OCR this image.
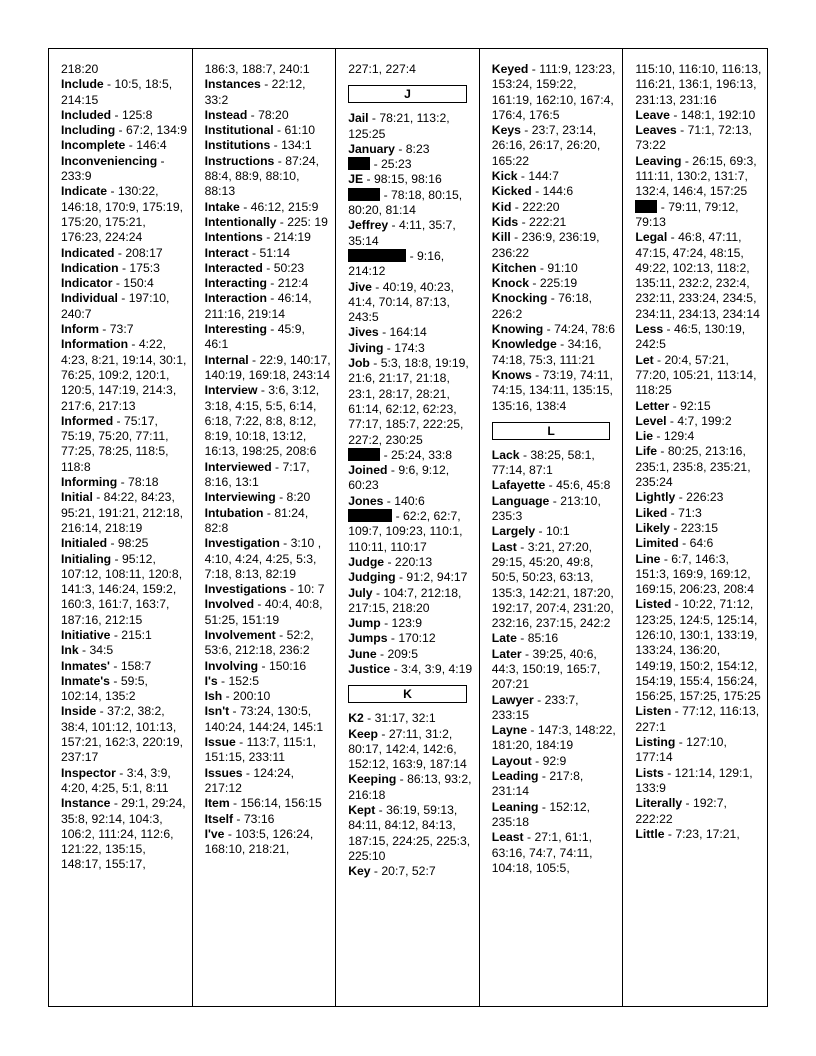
218:20
Include - 10:5, 18:5, 214:15
Included - 125:8
Including - 67:2, 134:9
Incomplete - 146:4
Inconveniencing - 233:9
Indicate - 130:22, 146:18, 170:9, 175:19, 175:20, 175:21, 176:23, 224:24
Indicated - 208:17
Indication - 175:3
Indicator - 150:4
Individual - 197:10, 240:7
Inform - 73:7
Information - 4:22, 4:23, 8:21, 19:14, 30:1, 76:25, 109:2, 120:1, 120:5, 147:19, 214:3, 217:6, 217:13
Informed - 75:17, 75:19, 75:20, 77:11, 77:25, 78:25, 118:5, 118:8
Informing - 78:18
Initial - 84:22, 84:23, 95:21, 191:21, 212:18, 216:14, 218:19
Initialed - 98:25
Initialing - 95:12, 107:12, 108:11, 120:8, 141:3, 146:24, 159:2, 160:3, 161:7, 163:7, 187:16, 212:15
Initiative - 215:1
Ink - 34:5
Inmates' - 158:7
Inmate's - 59:5, 102:14, 135:2
Inside - 37:2, 38:2, 38:4, 101:12, 101:13, 157:21, 162:3, 220:19, 237:17
Inspector - 3:4, 3:9, 4:20, 4:25, 5:1, 8:11
Instance - 29:1, 29:24, 35:8, 92:14, 104:3, 106:2, 111:24, 112:6, 121:22, 135:15, 148:17, 155:17,
186:3, 188:7, 240:1
Instances - 22:12, 33:2
Instead - 78:20
Institutional - 61:10
Institutions - 134:1
Instructions - 87:24, 88:4, 88:9, 88:10, 88:13
Intake - 46:12, 215:9
Intentionally - 225: 19
Intentions - 214:19
Interact - 51:14
Interacted - 50:23
Interacting - 212:4
Interaction - 46:14, 211:16, 219:14
Interesting - 45:9, 46:1
Internal - 22:9, 140:17, 140:19, 169:18, 243:14
Interview - 3:6, 3:12, 3:18, 4:15, 5:5, 6:14, 6:18, 7:22, 8:8, 8:12, 8:19, 10:18, 13:12, 16:13, 198:25, 208:6
Interviewed - 7:17, 8:16, 13:1
Interviewing - 8:20
Intubation - 81:24, 82:8
Investigation - 3:10 , 4:10, 4:24, 4:25, 5:3, 7:18, 8:13, 82:19
Investigations - 10: 7
Involved - 40:4, 40:8, 51:25, 151:19
Involvement - 52:2, 53:6, 212:18, 236:2
Involving - 150:16
I's - 152:5
Ish - 200:10
Isn't - 73:24, 130:5, 140:24, 144:24, 145:1
Issue - 113:7, 115:1, 151:15, 233:11
Issues - 124:24, 217:12
Item - 156:14, 156:15
Itself - 73:16
I've - 103:5, 126:24, 168:10, 218:21,
227:1, 227:4
J
Jail - 78:21, 113:2, 125:25
January - 8:23
- 25:23
JE - 98:15, 98:16
- 78:18, 80:15, 80:20, 81:14
Jeffrey - 4:11, 35:7, 35:14
- 9:16, 214:12
Jive - 40:19, 40:23, 41:4, 70:14, 87:13, 243:5
Jives - 164:14
Jiving - 174:3
Job - 5:3, 18:8, 19:19, 21:6, 21:17, 21:18, 23:1, 28:17, 28:21, 61:14, 62:12, 62:23, 77:17, 185:7, 222:25, 227:2, 230:25
- 25:24, 33:8
Joined - 9:6, 9:12, 60:23
Jones - 140:6
- 62:2, 62:7, 109:7, 109:23, 110:1, 110:11, 110:17
Judge - 220:13
Judging - 91:2, 94:17
July - 104:7, 212:18, 217:15, 218:20
Jump - 123:9
Jumps - 170:12
June - 209:5
Justice - 3:4, 3:9, 4:19
K
K2 - 31:17, 32:1
Keep - 27:11, 31:2, 80:17, 142:4, 142:6, 152:12, 163:9, 187:14
Keeping - 86:13, 93:2, 216:18
Kept - 36:19, 59:13, 84:11, 84:12, 84:13, 187:15, 224:25, 225:3, 225:10
Key - 20:7, 52:7
Keyed - 111:9, 123:23, 153:24, 159:22, 161:19, 162:10, 167:4, 176:4, 176:5
Keys - 23:7, 23:14, 26:16, 26:17, 26:20, 165:22
Kick - 144:7
Kicked - 144:6
Kid - 222:20
Kids - 222:21
Kill - 236:9, 236:19, 236:22
Kitchen - 91:10
Knock - 225:19
Knocking - 76:18, 226:2
Knowing - 74:24, 78:6
Knowledge - 34:16, 74:18, 75:3, 111:21
Knows - 73:19, 74:11, 74:15, 134:11, 135:15, 135:16, 138:4
L
Lack - 38:25, 58:1, 77:14, 87:1
Lafayette - 45:6, 45:8
Language - 213:10, 235:3
Largely - 10:1
Last - 3:21, 27:20, 29:15, 45:20, 49:8, 50:5, 50:23, 63:13, 135:3, 142:21, 187:20, 192:17, 207:4, 231:20, 232:16, 237:15, 242:2
Late - 85:16
Later - 39:25, 40:6, 44:3, 150:19, 165:7, 207:21
Lawyer - 233:7, 233:15
Layne - 147:3, 148:22, 181:20, 184:19
Layout - 92:9
Leading - 217:8, 231:14
Leaning - 152:12, 235:18
Least - 27:1, 61:1, 63:16, 74:7, 74:11, 104:18, 105:5,
115:10, 116:10, 116:13, 116:21, 136:1, 196:13, 231:13, 231:16
Leave - 148:1, 192:10
Leaves - 71:1, 72:13, 73:22
Leaving - 26:15, 69:3, 111:11, 130:2, 131:7, 132:4, 146:4, 157:25
- 79:11, 79:12, 79:13
Legal - 46:8, 47:11, 47:15, 47:24, 48:15, 49:22, 102:13, 118:2, 135:11, 232:2, 232:4, 232:11, 233:24, 234:5, 234:11, 234:13, 234:14
Less - 46:5, 130:19, 242:5
Let - 20:4, 57:21, 77:20, 105:21, 113:14, 118:25
Letter - 92:15
Level - 4:7, 199:2
Lie - 129:4
Life - 80:25, 213:16, 235:1, 235:8, 235:21, 235:24
Lightly - 226:23
Liked - 71:3
Likely - 223:15
Limited - 64:6
Line - 6:7, 146:3, 151:3, 169:9, 169:12, 169:15, 206:23, 208:4
Listed - 10:22, 71:12, 123:25, 124:5, 125:14, 126:10, 130:1, 133:19, 133:24, 136:20, 149:19, 150:2, 154:12, 154:19, 155:4, 156:24, 156:25, 157:25, 175:25
Listen - 77:12, 116:13, 227:1
Listing - 127:10, 177:14
Lists - 121:14, 129:1, 133:9
Literally - 192:7, 222:22
Little - 7:23, 17:21,
